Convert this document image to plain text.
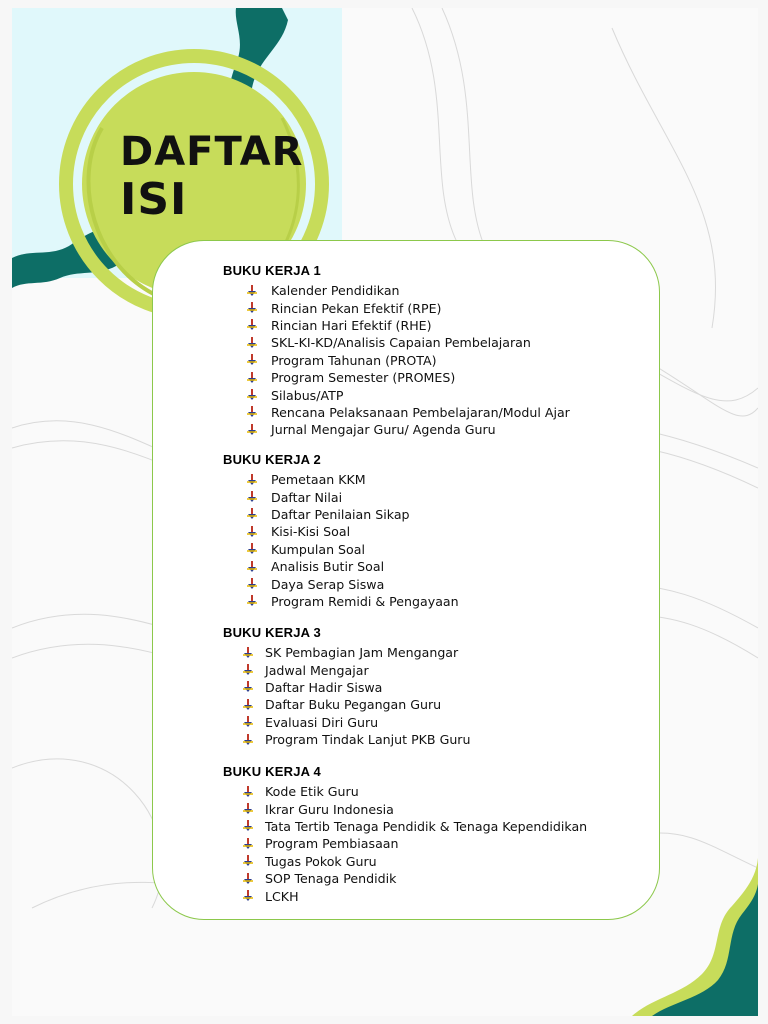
DAFTAR
ISI
BUKU KERJA 1
Kalender Pendidikan
Rincian Pekan Efektif (RPE)
Rincian Hari Efektif (RHE)
SKL-KI-KD/Analisis Capaian Pembelajaran
Program Tahunan (PROTA)
Program Semester (PROMES)
Silabus/ATP
Rencana Pelaksanaan Pembelajaran/Modul Ajar
Jurnal Mengajar Guru/ Agenda Guru
BUKU KERJA 2
Pemetaan KKM
Daftar Nilai
Daftar Penilaian Sikap
Kisi-Kisi Soal
Kumpulan Soal
Analisis Butir Soal
Daya Serap Siswa
Program Remidi & Pengayaan
BUKU KERJA 3
SK Pembagian Jam Mengangar
Jadwal Mengajar
Daftar Hadir Siswa
Daftar Buku Pegangan Guru
Evaluasi Diri Guru
Program Tindak Lanjut PKB Guru
BUKU KERJA 4
Kode Etik Guru
Ikrar Guru Indonesia
Tata Tertib Tenaga Pendidik & Tenaga Kependidikan
Program Pembiasaan
Tugas Pokok Guru
SOP Tenaga Pendidik
LCKH
